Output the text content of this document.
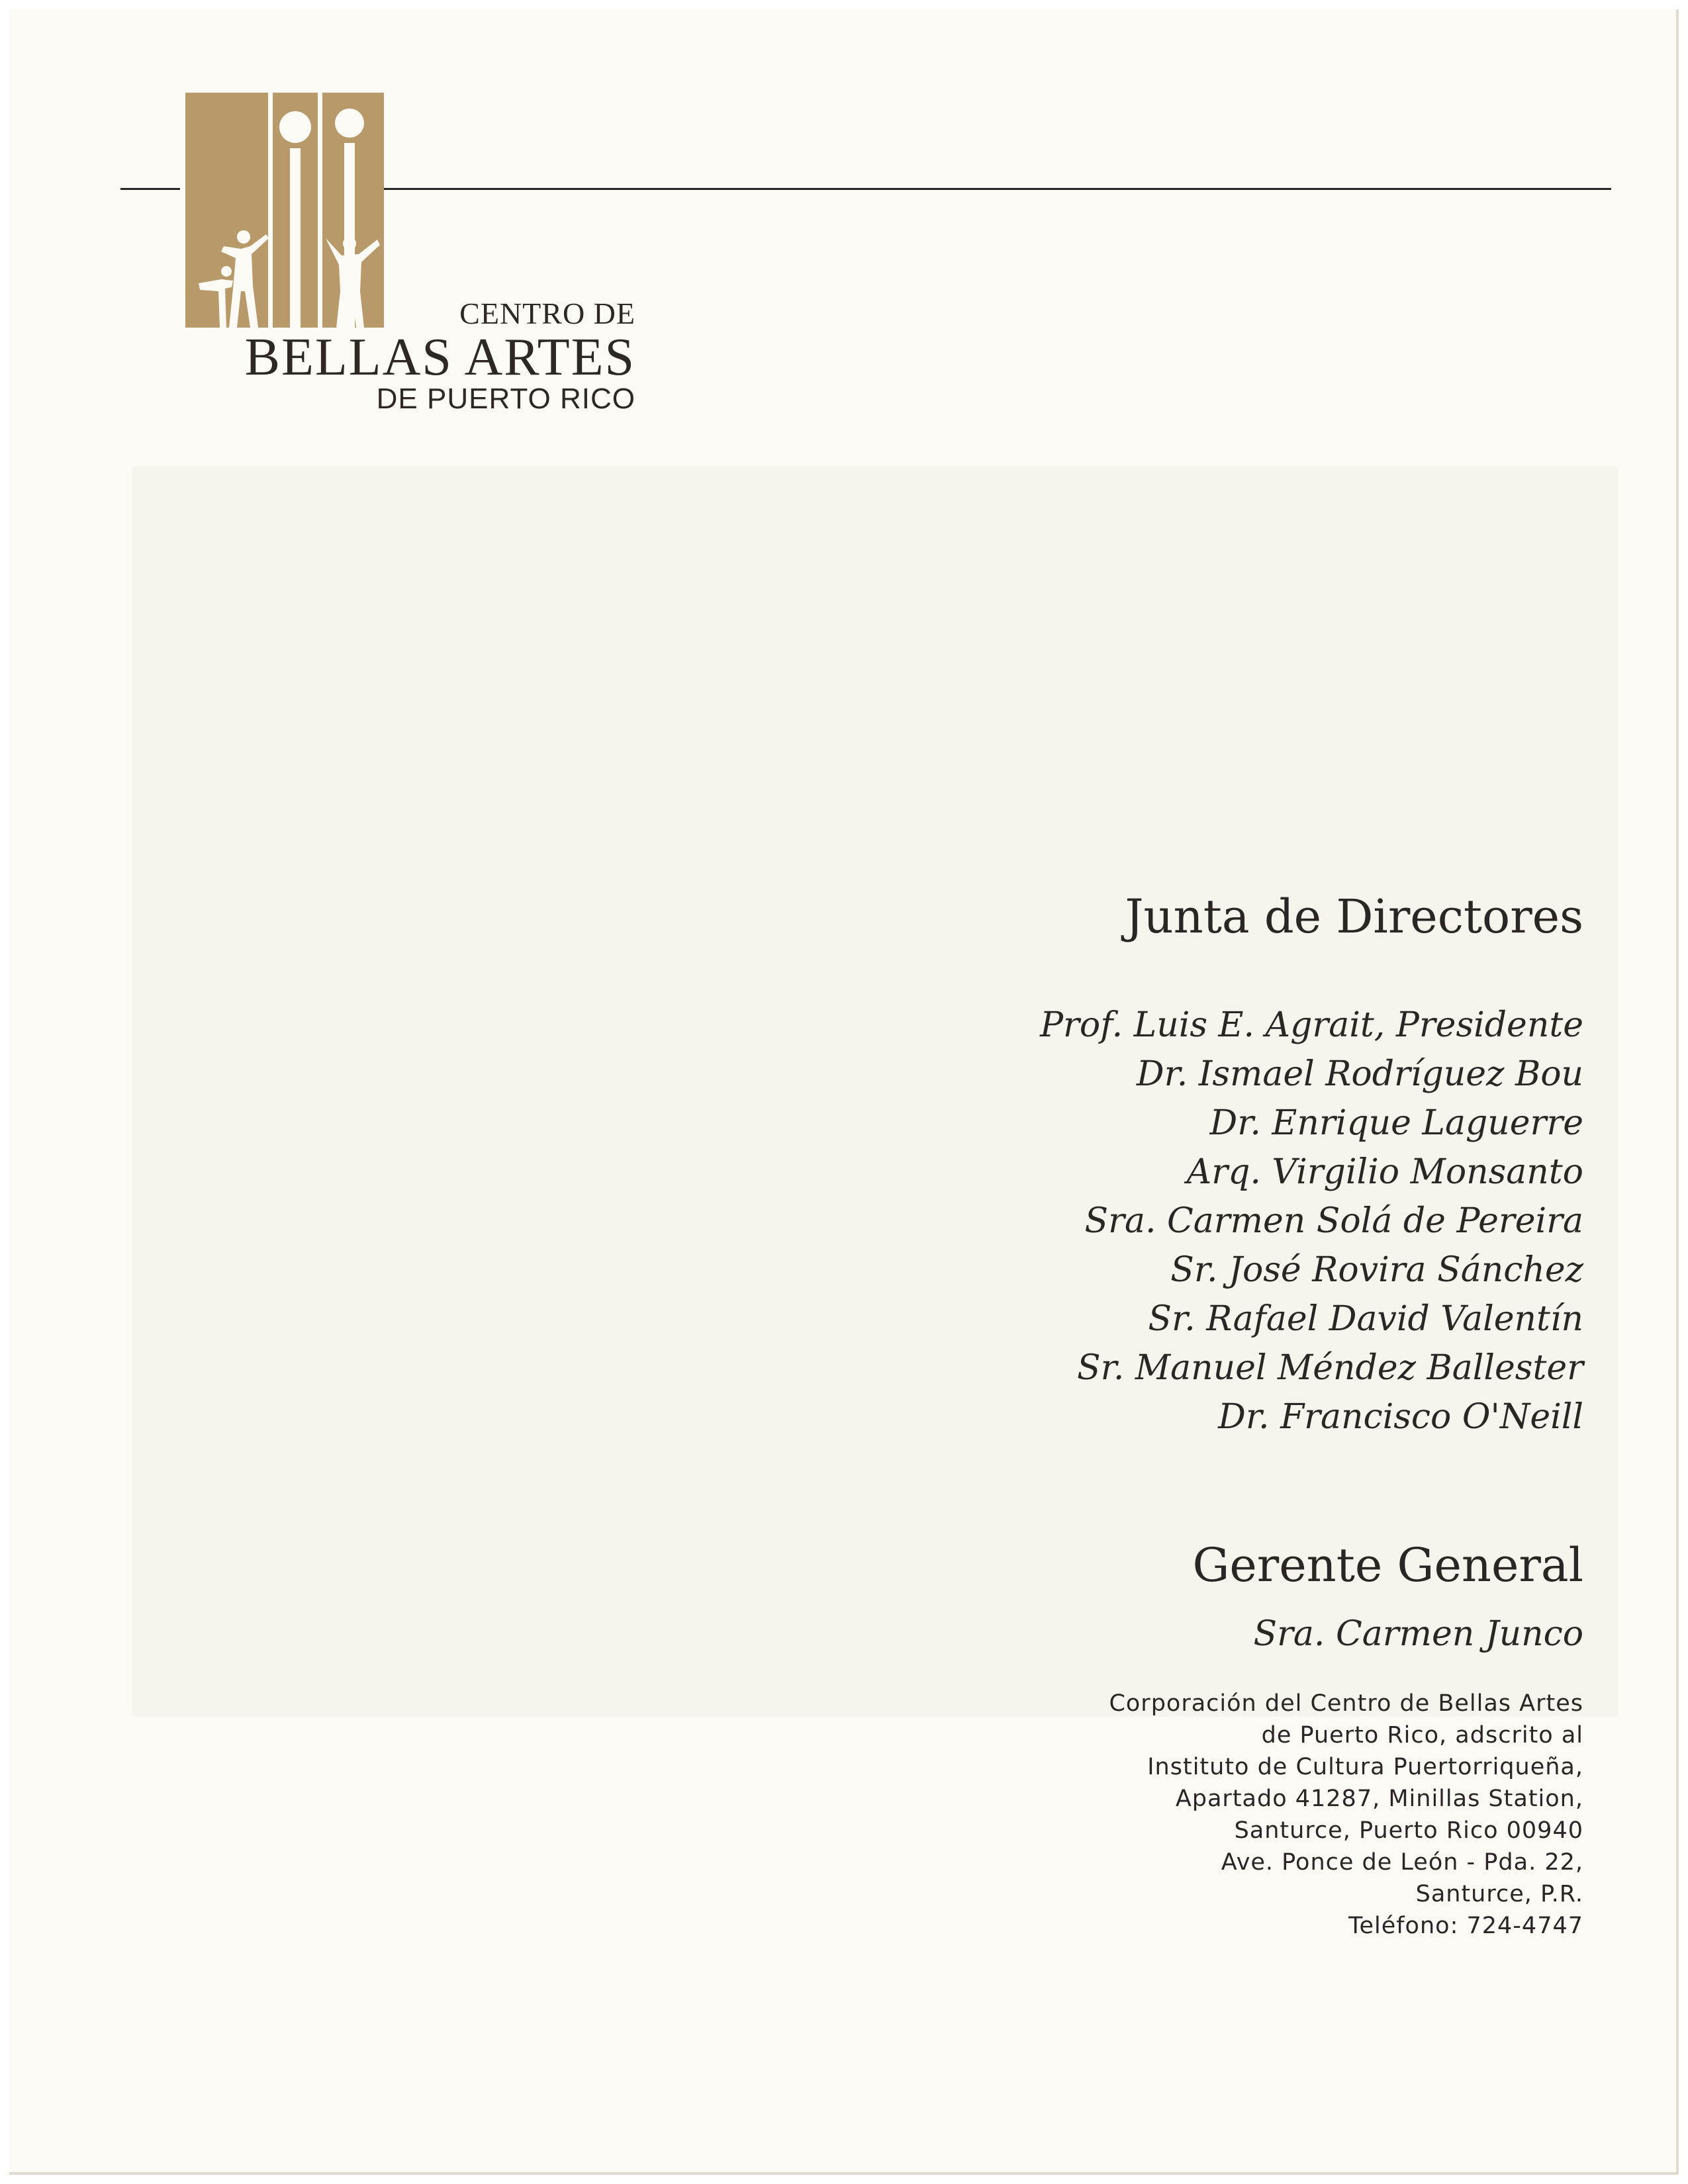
CENTRO DE
BELLAS ARTES
DE PUERTO RICO
Junta de Directores
Prof. Luis E. Agrait, Presidente
Dr. Ismael Rodríguez Bou
Dr. Enrique Laguerre
Arq. Virgilio Monsanto
Sra. Carmen Solá de Pereira
Sr. José Rovira Sánchez
Sr. Rafael David Valentín
Sr. Manuel Méndez Ballester
Dr. Francisco O'Neill
Gerente General
Sra. Carmen Junco
Corporación del Centro de Bellas Artes
de Puerto Rico, adscrito al
Instituto de Cultura Puertorriqueña,
Apartado 41287, Minillas Station,
Santurce, Puerto Rico 00940
Ave. Ponce de León - Pda. 22,
Santurce, P.R.
Teléfono: 724-4747
